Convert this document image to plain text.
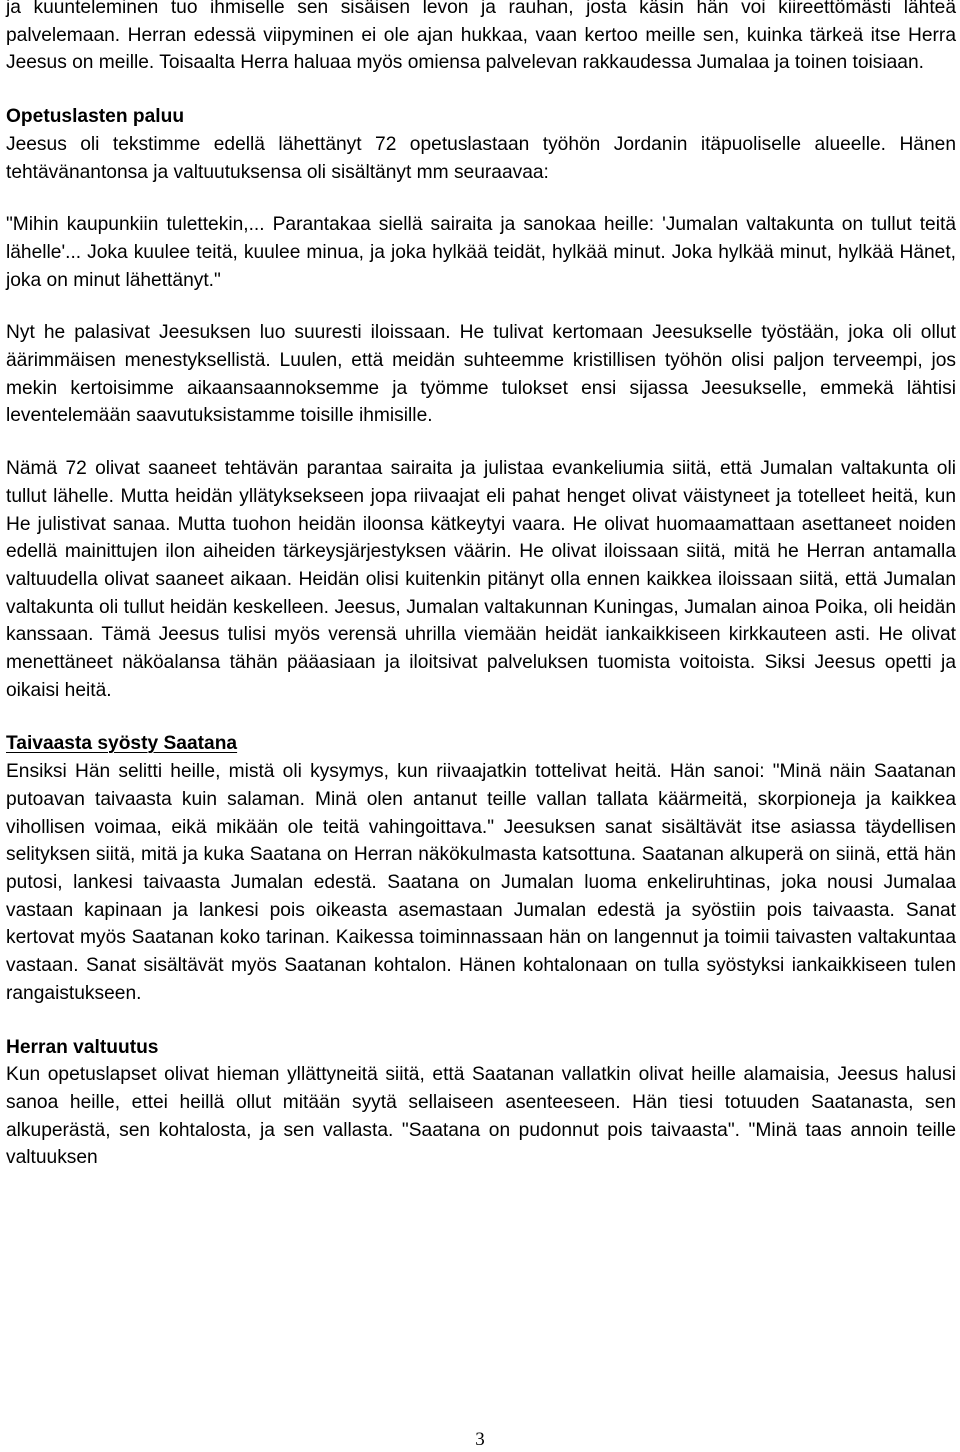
ja kuunteleminen tuo ihmiselle sen sisäisen levon ja rauhan, josta käsin hän voi kiireettömästi lähteä palvelemaan. Herran edessä viipyminen ei ole ajan hukkaa, vaan kertoo meille sen, kuinka tärkeä itse Herra Jeesus on meille. Toisaalta Herra haluaa myös omiensa palvelevan rakkaudessa Jumalaa ja toinen toisiaan.

Opetuslasten paluu

Jeesus oli tekstimme edellä lähettänyt 72 opetuslastaan työhön Jordanin itäpuoliselle alueelle. Hänen tehtävänantonsa ja valtuutuksensa oli sisältänyt mm seuraavaa:

"Mihin kaupunkiin tulettekin,... Parantakaa siellä sairaita ja sanokaa heille: 'Jumalan valtakunta on tullut teitä lähelle'... Joka kuulee teitä, kuulee minua, ja joka hylkää teidät, hylkää minut. Joka hylkää minut, hylkää Hänet, joka on minut lähettänyt."

Nyt he palasivat Jeesuksen luo suuresti iloissaan. He tulivat kertomaan Jeesukselle työstään, joka oli ollut äärimmäisen menestyksellistä. Luulen, että meidän suhteemme kristillisen työhön olisi paljon terveempi, jos mekin kertoisimme aikaansaannoksemme ja työmme tulokset ensi sijassa Jeesukselle, emmekä lähtisi leventelemään saavutuksistamme toisille ihmisille.

Nämä 72 olivat saaneet tehtävän parantaa sairaita ja julistaa evankeliumia siitä, että Jumalan valtakunta oli tullut lähelle. Mutta heidän yllätyksekseen jopa riivaajat eli pahat henget olivat väistyneet ja totelleet heitä, kun He julistivat sanaa. Mutta tuohon heidän iloonsa kätkeytyi vaara. He olivat huomaamattaan asettaneet noiden edellä mainittujen ilon aiheiden tärkeysjärjestyksen väärin. He olivat iloissaan siitä, mitä he Herran antamalla valtuudella olivat saaneet aikaan. Heidän olisi kuitenkin pitänyt olla ennen kaikkea iloissaan siitä, että Jumalan valtakunta oli tullut heidän keskelleen. Jeesus, Jumalan valtakunnan Kuningas, Jumalan ainoa Poika, oli heidän kanssaan. Tämä Jeesus tulisi myös verensä uhrilla viemään heidät iankaikkiseen kirkkauteen asti. He olivat menettäneet näköalansa tähän pääasiaan ja iloitsivat palveluksen tuomista voitoista. Siksi Jeesus opetti ja oikaisi heitä.

Taivaasta syösty Saatana

Ensiksi Hän selitti heille, mistä oli kysymys, kun riivaajatkin tottelivat heitä. Hän sanoi: "Minä näin Saatanan putoavan taivaasta kuin salaman. Minä olen antanut teille vallan tallata käärmeitä, skorpioneja ja kaikkea vihollisen voimaa, eikä mikään ole teitä vahingoittava." Jeesuksen sanat sisältävät itse asiassa täydellisen selityksen siitä, mitä ja kuka Saatana on Herran näkökulmasta katsottuna. Saatanan alkuperä on siinä, että hän putosi, lankesi taivaasta Jumalan edestä. Saatana on Jumalan luoma enkeliruhtinas, joka nousi Jumalaa vastaan kapinaan ja lankesi pois oikeasta asemastaan Jumalan edestä ja syöstiin pois taivaasta. Sanat kertovat myös Saatanan koko tarinan. Kaikessa toiminnassaan hän on langennut ja toimii taivasten valtakuntaa vastaan. Sanat sisältävät myös Saatanan kohtalon. Hänen kohtalonaan on tulla syöstyksi iankaikkiseen tulen rangaistukseen.

Herran valtuutus

Kun opetuslapset olivat hieman yllättyneitä siitä, että Saatanan vallatkin olivat heille alamaisia, Jeesus halusi sanoa heille, ettei heillä ollut mitään syytä sellaiseen asenteeseen. Hän tiesi totuuden Saatanasta, sen alkuperästä, sen kohtalosta, ja sen vallasta. "Saatana on pudonnut pois taivaasta". "Minä taas annoin teille valtuuksen

3
